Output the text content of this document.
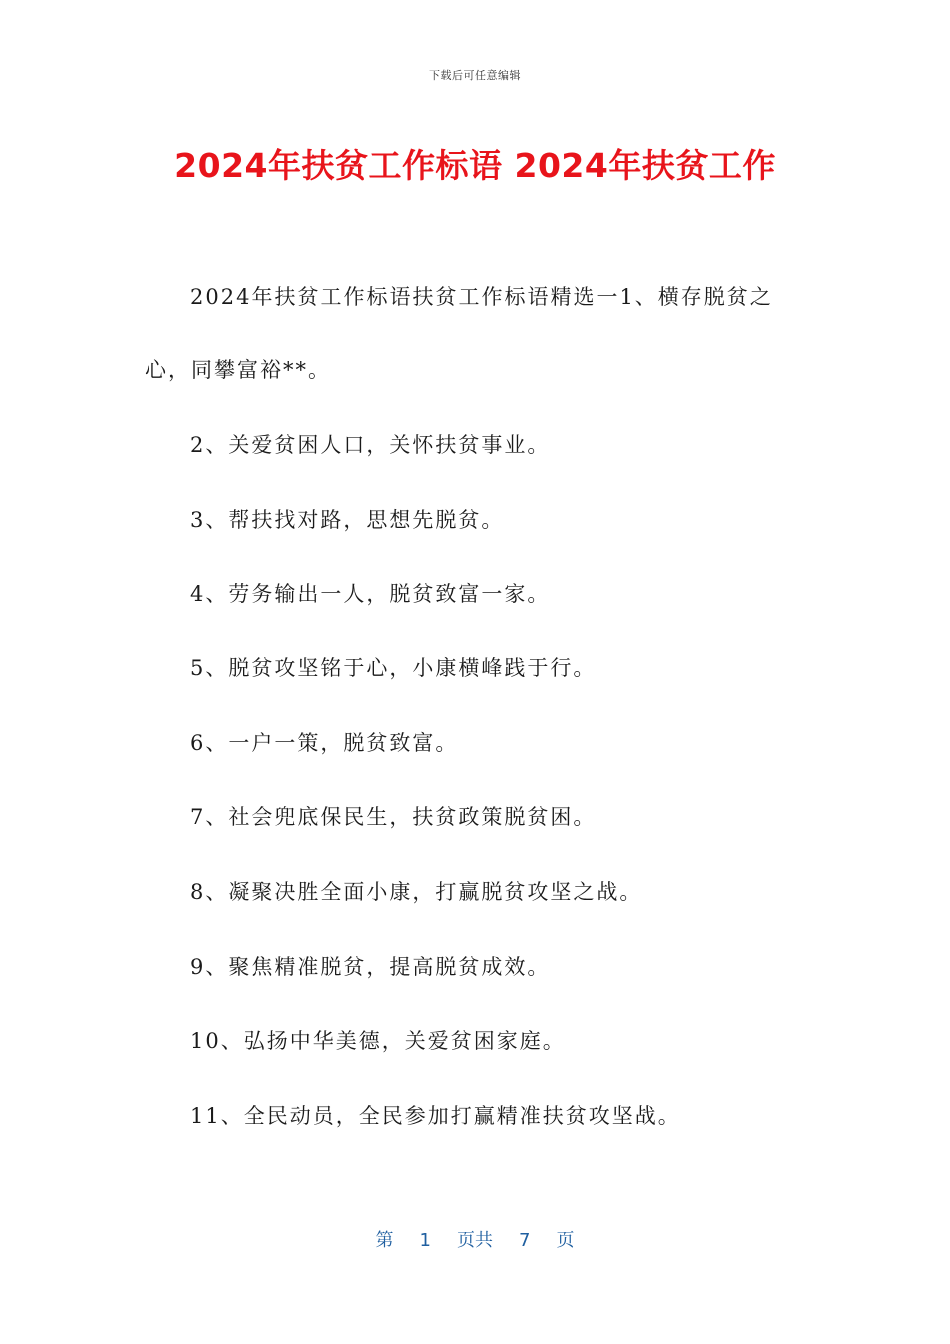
下载后可任意编辑
2024年扶贫工作标语 2024年扶贫工作
2024年扶贫工作标语扶贫工作标语精选一1、横存脱贫之
心，同攀富裕**。
2、关爱贫困人口，关怀扶贫事业。
3、帮扶找对路，思想先脱贫。
4、劳务输出一人，脱贫致富一家。
5、脱贫攻坚铭于心，小康横峰践于行。
6、一户一策，脱贫致富。
7、社会兜底保民生，扶贫政策脱贫困。
8、凝聚决胜全面小康，打赢脱贫攻坚之战。
9、聚焦精准脱贫，提高脱贫成效。
10、弘扬中华美德，关爱贫困家庭。
11、全民动员，全民参加打赢精准扶贫攻坚战。
第 1 页共 7 页
